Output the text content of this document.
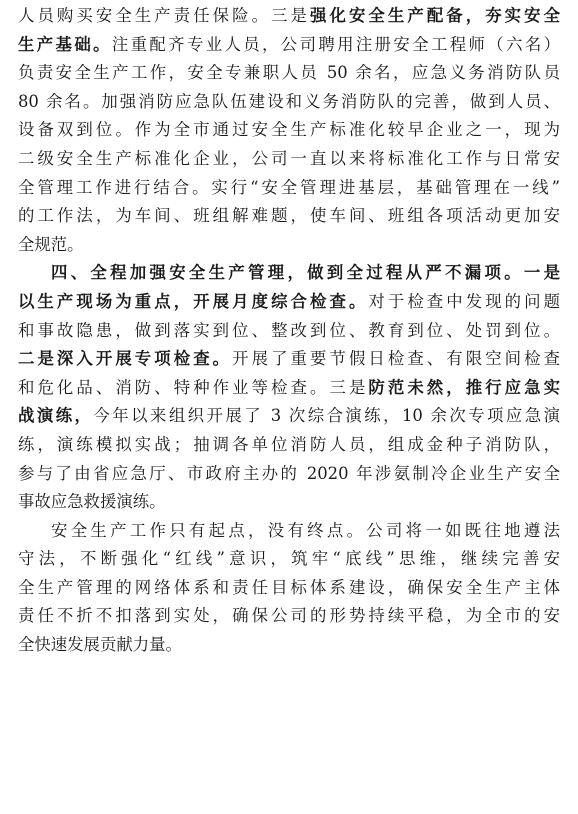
人员购买安全生产责任保险。三是强化安全生产配备，夯实安全
生产基础。注重配齐专业人员，公司聘用注册安全工程师（六名）
负责安全生产工作，安全专兼职人员 50 余名，应急义务消防队员
80 余名。加强消防应急队伍建设和义务消防队的完善，做到人员、
设备双到位。作为全市通过安全生产标准化较早企业之一，现为
二级安全生产标准化企业，公司一直以来将标准化工作与日常安
全管理工作进行结合。实行“安全管理进基层，基础管理在一线”
的工作法，为车间、班组解难题，使车间、班组各项活动更加安
全规范。
四、全程加强安全生产管理，做到全过程从严不漏项。一是
以生产现场为重点，开展月度综合检查。对于检查中发现的问题
和事故隐患，做到落实到位、整改到位、教育到位、处罚到位。
二是深入开展专项检查。开展了重要节假日检查、有限空间检查
和危化品、消防、特种作业等检查。三是防范未然，推行应急实
战演练，今年以来组织开展了 3 次综合演练，10 余次专项应急演
练，演练模拟实战；抽调各单位消防人员，组成金种子消防队，
参与了由省应急厅、市政府主办的 2020 年涉氨制冷企业生产安全
事故应急救援演练。
安全生产工作只有起点，没有终点。公司将一如既往地遵法
守法，不断强化“红线”意识，筑牢“底线”思维，继续完善安
全生产管理的网络体系和责任目标体系建设，确保安全生产主体
责任不折不扣落到实处，确保公司的形势持续平稳，为全市的安
全快速发展贡献力量。
